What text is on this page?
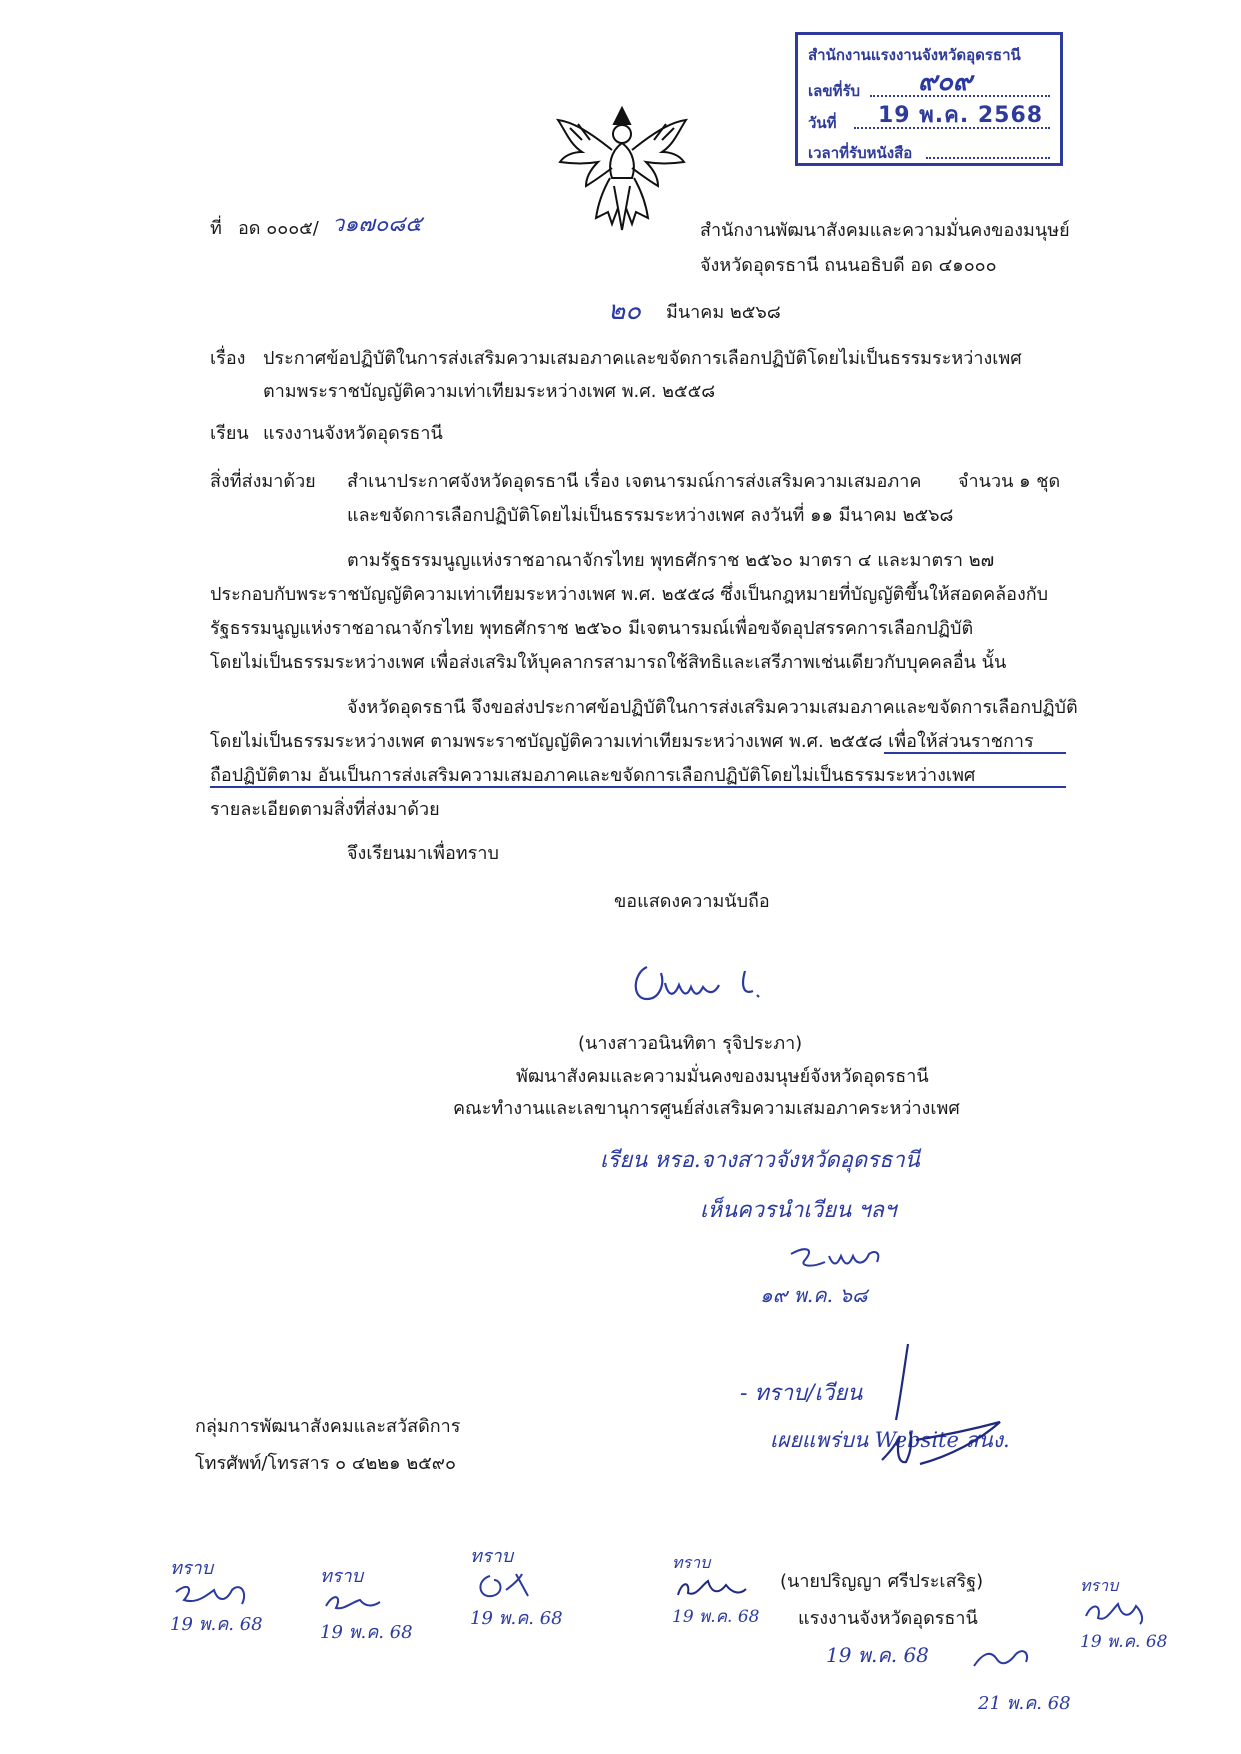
สำนักงานแรงงานจังหวัดอุดรธานี
เลขที่รับ ๙๐๙
วันที่ 19 พ.ค. 2568
เวลาที่รับหนังสือ
ที่ อด ๐๐๐๕/ ว๑๗๐๘๕	สำนักงานพัฒนาสังคมและความมั่นคงของมนุษย์
จังหวัดอุดรธานี ถนนอธิบดี อด ๔๑๐๐๐
๒๐ มีนาคม ๒๕๖๘
เรื่อง ประกาศข้อปฏิบัติในการส่งเสริมความเสมอภาคและขจัดการเลือกปฏิบัติโดยไม่เป็นธรรมระหว่างเพศ
ตามพระราชบัญญัติความเท่าเทียมระหว่างเพศ พ.ศ. ๒๕๕๘
เรียน แรงงานจังหวัดอุดรธานี
สิ่งที่ส่งมาด้วย สำเนาประกาศจังหวัดอุดรธานี เรื่อง เจตนารมณ์การส่งเสริมความเสมอภาค จำนวน ๑ ชุด
และขจัดการเลือกปฏิบัติโดยไม่เป็นธรรมระหว่างเพศ ลงวันที่ ๑๑ มีนาคม ๒๕๖๘
ตามรัฐธรรมนูญแห่งราชอาณาจักรไทย พุทธศักราช ๒๕๖๐ มาตรา ๔ และมาตรา ๒๗
ประกอบกับพระราชบัญญัติความเท่าเทียมระหว่างเพศ พ.ศ. ๒๕๕๘ ซึ่งเป็นกฎหมายที่บัญญัติขึ้นให้สอดคล้องกับ
รัฐธรรมนูญแห่งราชอาณาจักรไทย พุทธศักราช ๒๕๖๐ มีเจตนารมณ์เพื่อขจัดอุปสรรคการเลือกปฏิบัติ
โดยไม่เป็นธรรมระหว่างเพศ เพื่อส่งเสริมให้บุคลากรสามารถใช้สิทธิและเสรีภาพเช่นเดียวกับบุคคลอื่น นั้น
จังหวัดอุดรธานี จึงขอส่งประกาศข้อปฏิบัติในการส่งเสริมความเสมอภาคและขจัดการเลือกปฏิบัติ
โดยไม่เป็นธรรมระหว่างเพศ ตามพระราชบัญญัติความเท่าเทียมระหว่างเพศ พ.ศ. ๒๕๕๘ เพื่อให้ส่วนราชการ
ถือปฏิบัติตาม อันเป็นการส่งเสริมความเสมอภาคและขจัดการเลือกปฏิบัติโดยไม่เป็นธรรมระหว่างเพศ
รายละเอียดตามสิ่งที่ส่งมาด้วย
จึงเรียนมาเพื่อทราบ
ขอแสดงความนับถือ
(นางสาวอนินทิตา รุจิประภา)
พัฒนาสังคมและความมั่นคงของมนุษย์จังหวัดอุดรธานี
คณะทำงานและเลขานุการศูนย์ส่งเสริมความเสมอภาคระหว่างเพศ
เรียน หรอ.จางสาวจังหวัดอุดรธานี
เห็นควรนำเวียน ฯลฯ
๑๙ พ.ค. ๖๘
- ทราบ/เวียน
เผยแพร่บน Website สนง.
กลุ่มการพัฒนาสังคมและสวัสดิการ
โทรศัพท์/โทรสาร ๐ ๔๒๒๑ ๒๕๙๐
(นายปริญญา ศรีประเสริฐ)
แรงงานจังหวัดอุดรธานี
19 พ.ค. 68
ทราบ
19 พ.ค. 68
ทราบ
19 พ.ค. 68
ทราบ
19 พ.ค. 68
ทราบ
19 พ.ค. 68
ทราบ
19 พ.ค. 68
21 พ.ค. 68
